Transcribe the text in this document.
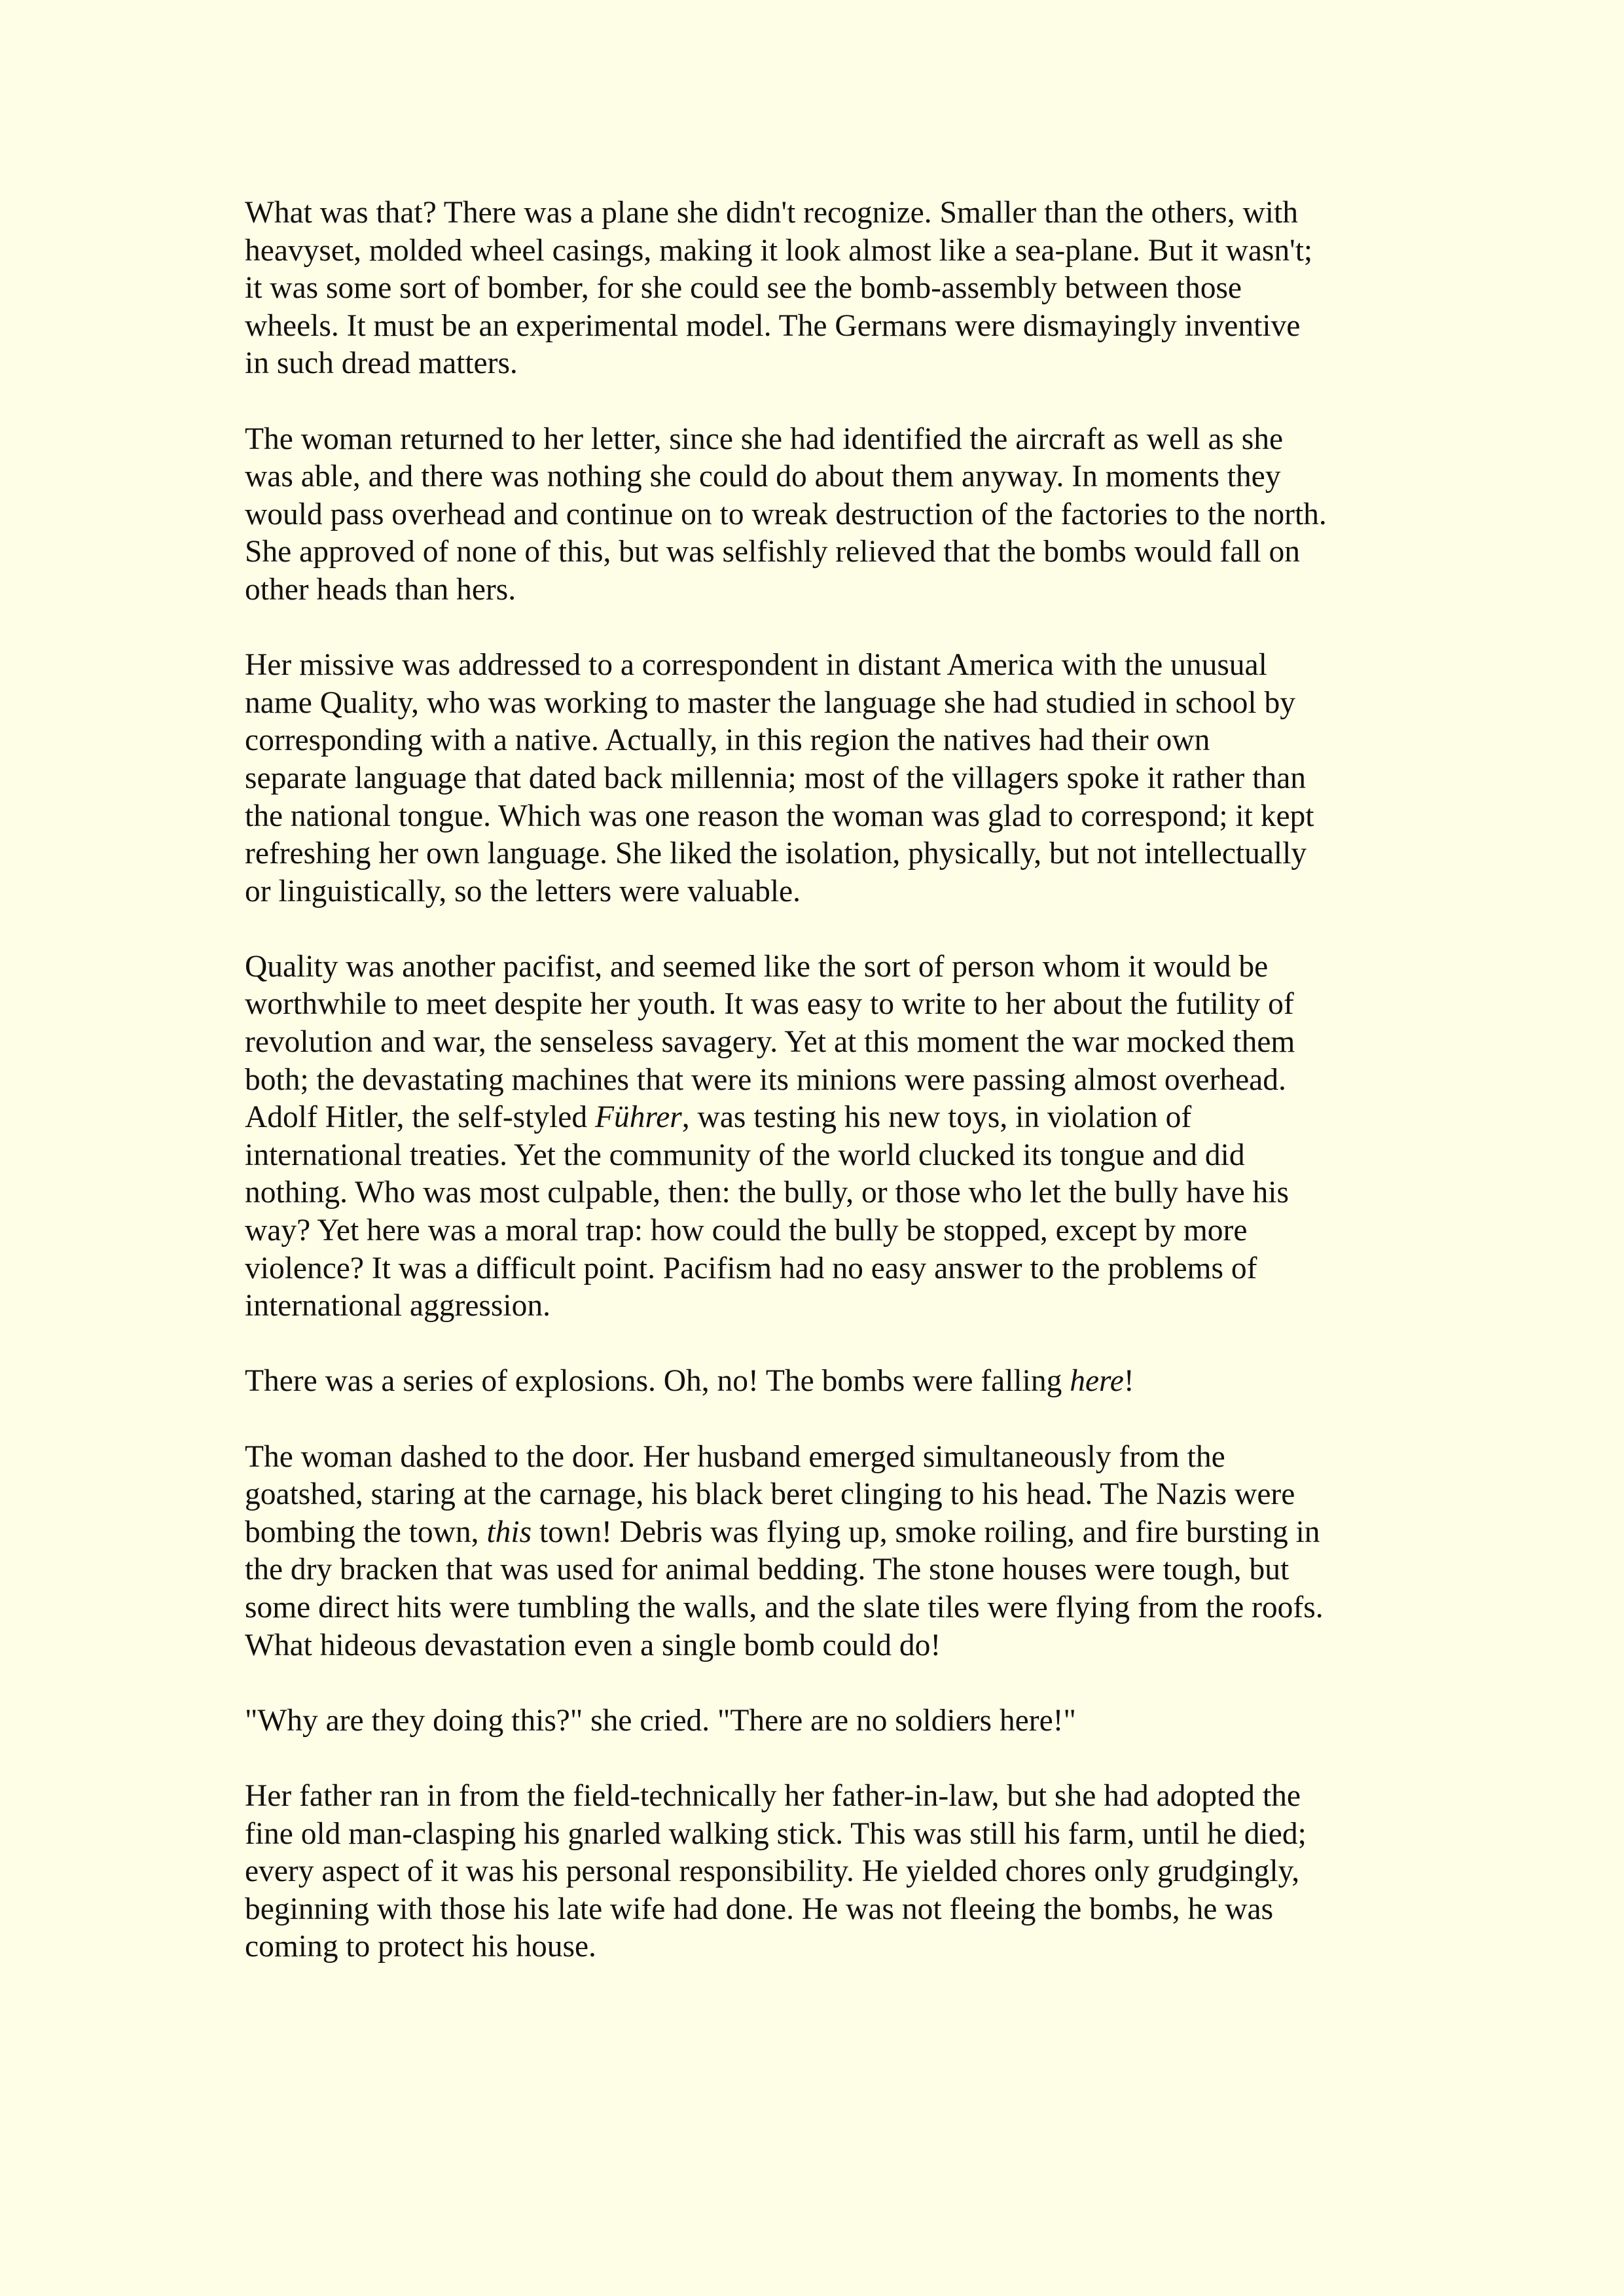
What was that? There was a plane she didn't recognize. Smaller than the others, with
heavyset, molded wheel casings, making it look almost like a sea-plane. But it wasn't;
it was some sort of bomber, for she could see the bomb-assembly between those
wheels. It must be an experimental model. The Germans were dismayingly inventive
in such dread matters.

The woman returned to her letter, since she had identified the aircraft as well as she
was able, and there was nothing she could do about them anyway. In moments they
would pass overhead and continue on to wreak destruction of the factories to the north.
She approved of none of this, but was selfishly relieved that the bombs would fall on
other heads than hers.

Her missive was addressed to a correspondent in distant America with the unusual
name Quality, who was working to master the language she had studied in school by
corresponding with a native. Actually, in this region the natives had their own
separate language that dated back millennia; most of the villagers spoke it rather than
the national tongue. Which was one reason the woman was glad to correspond; it kept
refreshing her own language. She liked the isolation, physically, but not intellectually
or linguistically, so the letters were valuable.

Quality was another pacifist, and seemed like the sort of person whom it would be
worthwhile to meet despite her youth. It was easy to write to her about the futility of
revolution and war, the senseless savagery. Yet at this moment the war mocked them
both; the devastating machines that were its minions were passing almost overhead.
Adolf Hitler, the self-styled Führer, was testing his new toys, in violation of
international treaties. Yet the community of the world clucked its tongue and did
nothing. Who was most culpable, then: the bully, or those who let the bully have his
way? Yet here was a moral trap: how could the bully be stopped, except by more
violence? It was a difficult point. Pacifism had no easy answer to the problems of
international aggression.

There was a series of explosions. Oh, no! The bombs were falling here!

The woman dashed to the door. Her husband emerged simultaneously from the
goatshed, staring at the carnage, his black beret clinging to his head. The Nazis were
bombing the town, this town! Debris was flying up, smoke roiling, and fire bursting in
the dry bracken that was used for animal bedding. The stone houses were tough, but
some direct hits were tumbling the walls, and the slate tiles were flying from the roofs.
What hideous devastation even a single bomb could do!

"Why are they doing this?" she cried. "There are no soldiers here!"

Her father ran in from the field-technically her father-in-law, but she had adopted the
fine old man-clasping his gnarled walking stick. This was still his farm, until he died;
every aspect of it was his personal responsibility. He yielded chores only grudgingly,
beginning with those his late wife had done. He was not fleeing the bombs, he was
coming to protect his house.
